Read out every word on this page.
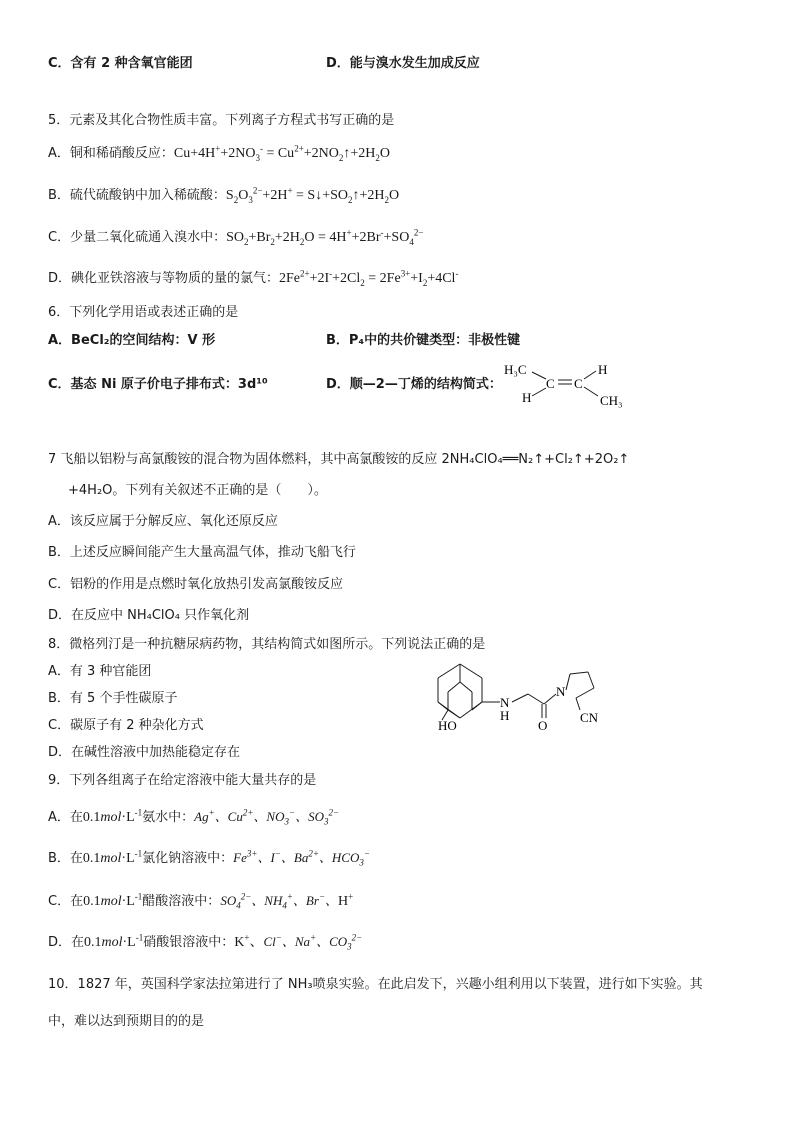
C．含有 2 种含氧官能团	D．能与溴水发生加成反应
5．元素及其化合物性质丰富。下列离子方程式书写正确的是
A．铜和稀硝酸反应：$Cu+4H^++2NO_3^-$ = $Cu^{2+}+2NO_2↑+2H_2O$
B．硫代硫酸钠中加入稀硫酸：$S_2O_3^{2-}+2H^+$ = $S↓+SO_2↑+2H_2O$
C．少量二氧化硫通入溴水中：$SO_2+Br_2+2H_2O = 4H^++2Br^-+SO_4^{2-}$
D．碘化亚铁溶液与等物质的量的氯气：$2Fe^{2+}+2I^-+2Cl_2 = 2Fe^{3+}+I_2+4Cl^-$
6．下列化学用语或表述正确的是
A．BeCl₂的空间结构：V 形	B．P₄中的共价键类型：非极性键
C．基态 Ni 原子价电子排布式：3d¹⁰	D．顺—2—丁烯的结构简式：
H₃C	H
C C
H	CH₃
7 飞船以铝粉与高氯酸铵的混合物为固体燃料，其中高氯酸铵的反应 2NH₄ClO₄══N₂↑+Cl₂↑+2O₂↑
+4H₂O。下列有关叙述不正确的是（　　）。
A．该反应属于分解反应、氧化还原反应
B．上述反应瞬间能产生大量高温气体，推动飞船飞行
C．铝粉的作用是点燃时氧化放热引发高氯酸铵反应
D．在反应中 NH₄ClO₄ 只作氧化剂
8．微格列汀是一种抗糖尿病药物，其结构简式如图所示。下列说法正确的是
A．有 3 种官能团
B．有 5 个手性碳原子
C．碳原子有 2 种杂化方式
D．在碱性溶液中加热能稳定存在
HO
N
H
N
O
CN
9．下列各组离子在给定溶液中能大量共存的是
A．在$0.1mol\cdot L^{-1}$氨水中：Ag+、$Cu^{2+}$、$NO_3^-$、$SO_3^{2-}$
B．在$0.1mol\cdot L^{-1}$氯化钠溶液中：$Fe^{3+}$、I−、$Ba^{2+}$、$HCO_3^-$
C．在$0.1mol\cdot L^{-1}$醋酸溶液中：$SO_4^{2-}$、$NH_4^+$、Br−、H+
D．在$0.1mol\cdot L^{-1}$硝酸银溶液中：K+、Cl−、Na+、$CO_3^{2-}$
10．1827 年，英国科学家法拉第进行了 NH₃喷泉实验。在此启发下，兴趣小组利用以下装置，进行如下实验。其
中，难以达到预期目的的是
